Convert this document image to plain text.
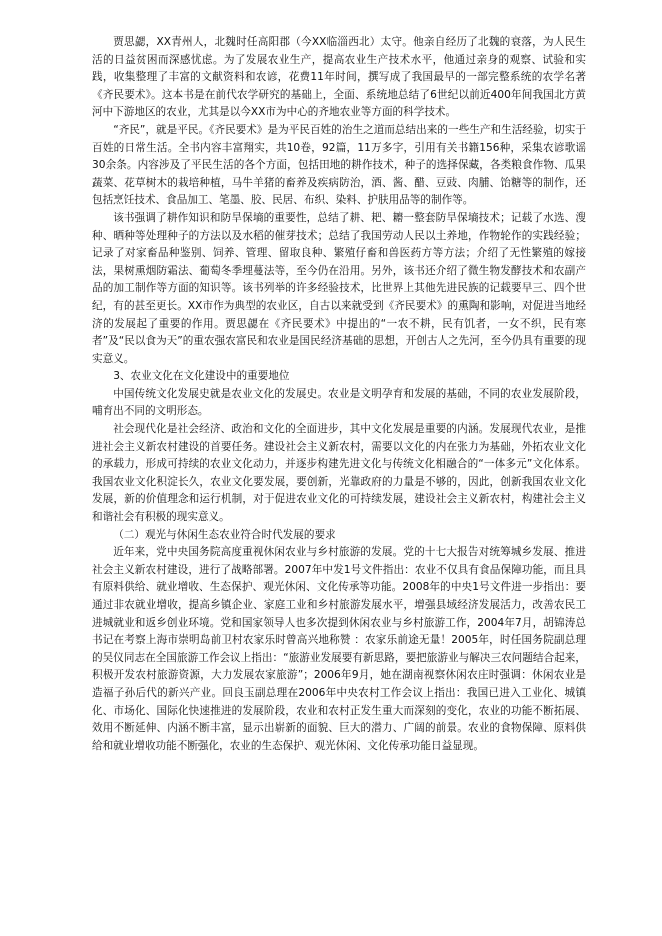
贾思勰，XX青州人，北魏时任高阳郡（今XX临淄西北）太守。他亲自经历了北魏的衰落，为人民生活的日益贫困而深感忧虑。为了发展农业生产，提高农业生产技术水平，他通过亲身的观察、试验和实践，收集整理了丰富的文献资料和农谚，花费11年时间，撰写成了我国最早的一部完整系统的农学名著《齐民要术》。这本书是在前代农学研究的基础上，全面、系统地总结了6世纪以前近400年间我国北方黄河中下游地区的农业，尤其是以今XX市为中心的齐地农业等方面的科学技术。

“齐民”，就是平民。《齐民要术》是为平民百姓的治生之道而总结出来的一些生产和生活经验，切实于百姓的日常生活。全书内容丰富翔实，共10卷，92篇，11万多字，引用有关书籍156种，采集农谚歌谣30余条。内容涉及了平民生活的各个方面，包括田地的耕作技术，种子的选择保藏，各类粮食作物、瓜果蔬菜、花草树木的栽培种植，马牛羊猪的畜养及疾病防治，酒、酱、醋、豆豉、肉脯、饴糖等的制作，还包括烹饪技术、食品加工、笔墨、胶、民居、布织、染料、护肤用品等的制作等。

该书强调了耕作知识和防旱保墒的重要性，总结了耕、耙、耱一整套防旱保墒技术；记载了水选、溲种、晒种等处理种子的方法以及水稻的催芽技术；总结了我国劳动人民以土养地，作物轮作的实践经验；记录了对家畜品种鉴别、饲养、管理、留取良种、繁殖仔畜和兽医药方等方法；介绍了无性繁殖的嫁接法，果树熏烟防霜法、葡萄冬季埋蔓法等，至今仍在沿用。另外，该书还介绍了微生物发酵技术和农副产品的加工制作等方面的知识等。该书列举的许多经验技术，比世界上其他先进民族的记载要早三、四个世纪，有的甚至更长。XX市作为典型的农业区，自古以来就受到《齐民要术》的熏陶和影响，对促进当地经济的发展起了重要的作用。贾思勰在《齐民要术》中提出的“一农不耕，民有饥者，一女不织，民有寒者”及“民以食为天”的重农强农富民和农业是国民经济基础的思想，开创古人之先河，至今仍具有重要的现实意义。

3、农业文化在文化建设中的重要地位

中国传统文化发展史就是农业文化的发展史。农业是文明孕育和发展的基础，不同的农业发展阶段，哺育出不同的文明形态。

社会现代化是社会经济、政治和文化的全面进步，其中文化发展是重要的内涵。发展现代农业，是推进社会主义新农村建设的首要任务。建设社会主义新农村，需要以文化的内在张力为基础，外拓农业文化的承载力，形成可持续的农业文化动力，并逐步构建先进文化与传统文化相融合的“一体多元”文化体系。我国农业文化积淀长久，农业文化要发展，要创新，光靠政府的力量是不够的，因此，创新我国农业文化发展，新的价值理念和运行机制，对于促进农业文化的可持续发展，建设社会主义新农村，构建社会主义和谐社会有积极的现实意义。

（二）观光与休闲生态农业符合时代发展的要求

近年来，党中央国务院高度重视休闲农业与乡村旅游的发展。党的十七大报告对统筹城乡发展、推进社会主义新农村建设，进行了战略部署。2007年中发1号文件指出：农业不仅具有食品保障功能，而且具有原料供给、就业增收、生态保护、观光休闲、文化传承等功能。2008年的中央1号文件进一步指出：要通过非农就业增收，提高乡镇企业、家庭工业和乡村旅游发展水平，增强县域经济发展活力，改善农民工进城就业和返乡创业环境。党和国家领导人也多次提到休闲农业与乡村旅游工作，2004年7月，胡锦涛总书记在考察上海市崇明岛前卫村农家乐时曾高兴地称赞 ：农家乐前途无量！2005年，时任国务院副总理的吴仪同志在全国旅游工作会议上指出：“旅游业发展要有新思路，要把旅游业与解决三农问题结合起来，积极开发农村旅游资源，大力发展农家旅游”；2006年9月，她在湖南视察休闲农庄时强调：休闲农业是造福子孙后代的新兴产业。回良玉副总理在2006年中央农村工作会议上指出：我国已进入工业化、城镇化、市场化、国际化快速推进的发展阶段，农业和农村正发生重大而深刻的变化，农业的功能不断拓展、效用不断延伸、内涵不断丰富，显示出崭新的面貌、巨大的潜力、广阔的前景。农业的食物保障、原料供给和就业增收功能不断强化，农业的生态保护、观光休闲、文化传承功能日益显现。
